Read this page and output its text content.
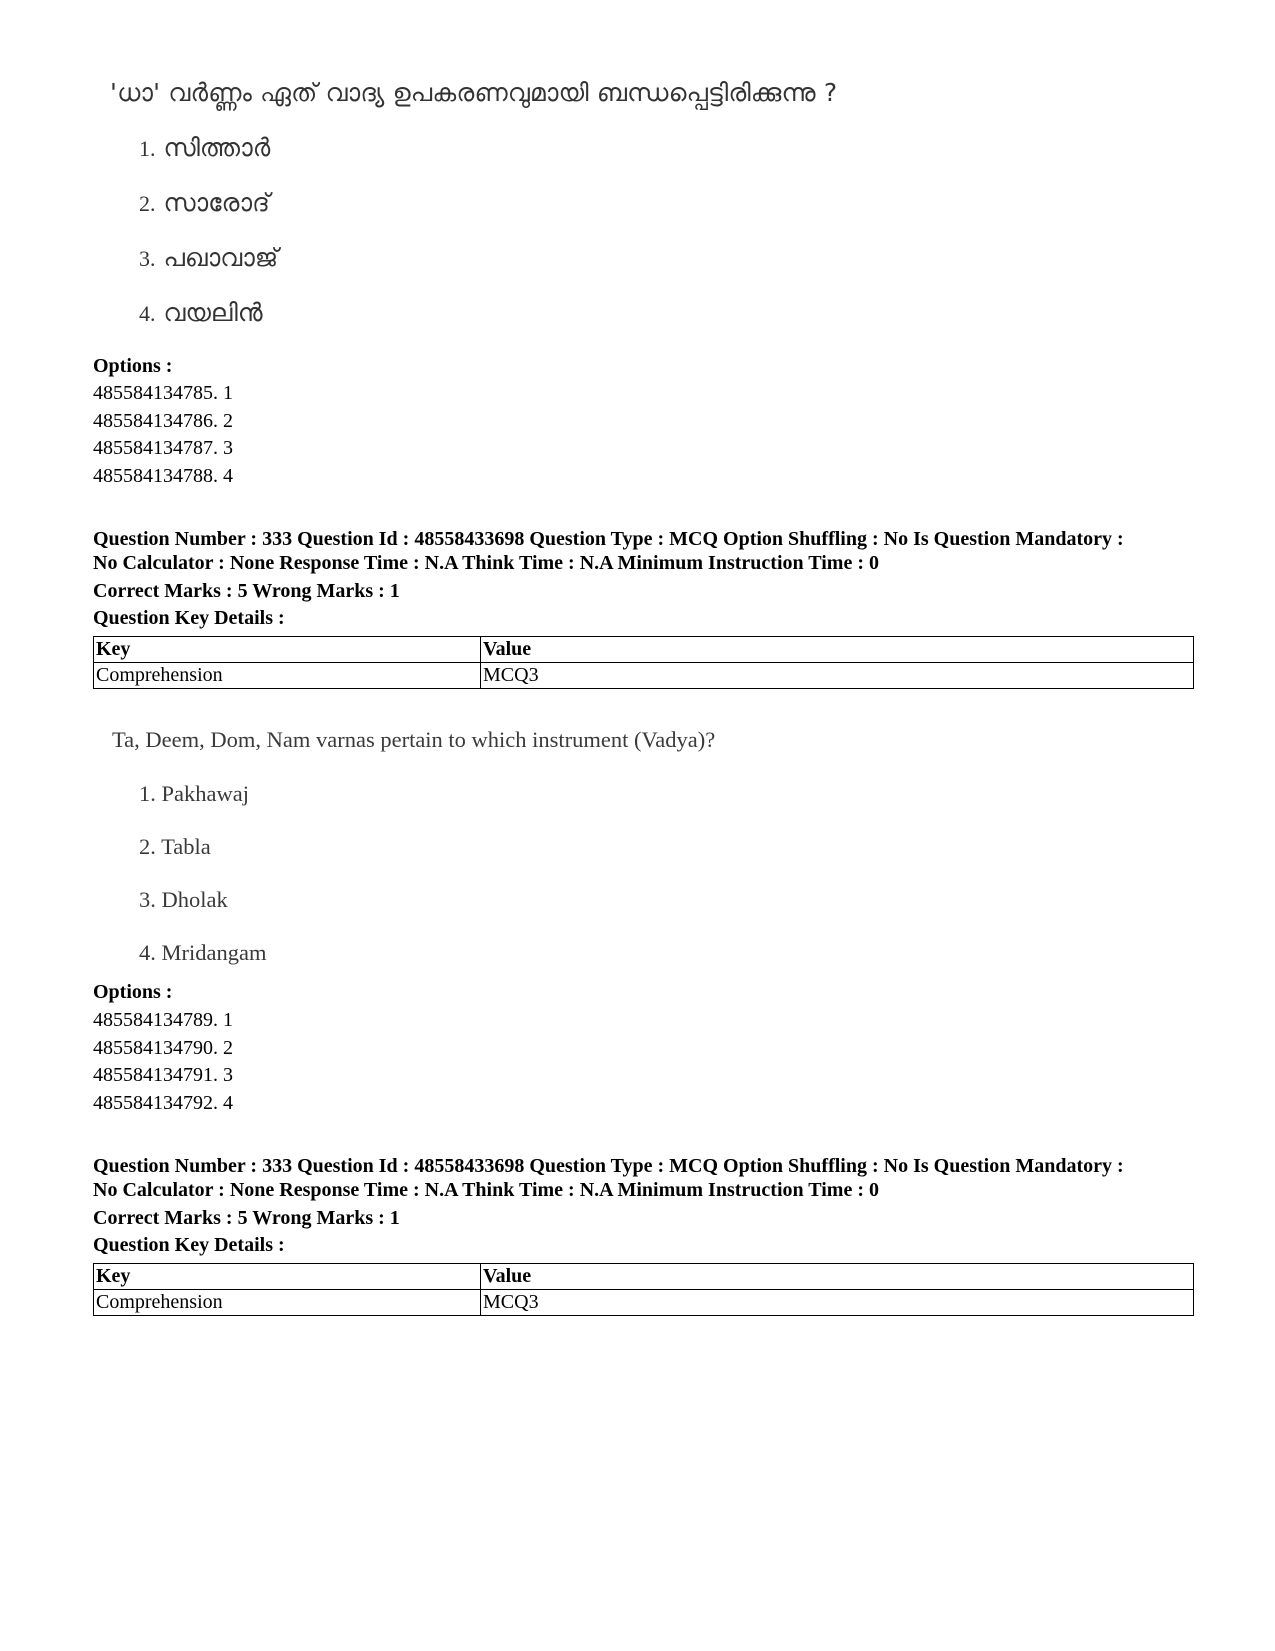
'ധാ' വർണ്ണം ഏത് വാദ്യ ഉപകരണവുമായി ബന്ധപ്പെട്ടിരിക്കുന്നു ?
1. സിത്താർ
2. സാരോദ്
3. പഖാവാജ്
4. വയലിൻ
Options :
485584134785. 1
485584134786. 2
485584134787. 3
485584134788. 4
Question Number : 333 Question Id : 48558433698 Question Type : MCQ Option Shuffling : No Is Question Mandatory :
No Calculator : None Response Time : N.A Think Time : N.A Minimum Instruction Time : 0
Correct Marks : 5 Wrong Marks : 1
Question Key Details :
Key	Value
Comprehension	MCQ3
Ta, Deem, Dom, Nam varnas pertain to which instrument (Vadya)?
1. Pakhawaj
2. Tabla
3. Dholak
4. Mridangam
Options :
485584134789. 1
485584134790. 2
485584134791. 3
485584134792. 4
Question Number : 333 Question Id : 48558433698 Question Type : MCQ Option Shuffling : No Is Question Mandatory :
No Calculator : None Response Time : N.A Think Time : N.A Minimum Instruction Time : 0
Correct Marks : 5 Wrong Marks : 1
Question Key Details :
Key	Value
Comprehension	MCQ3
